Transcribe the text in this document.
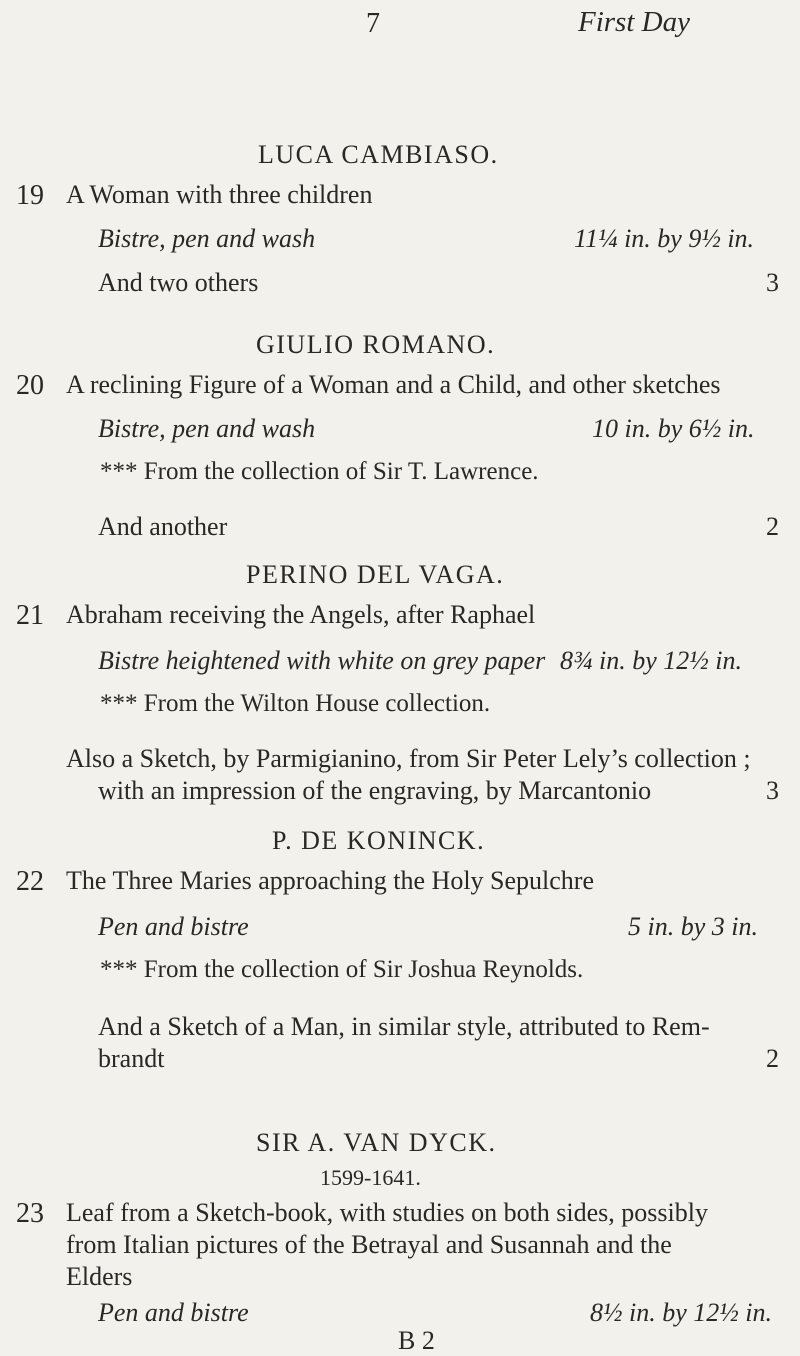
7	First Day
LUCA CAMBIASO.
19 A Woman with three children
Bistre, pen and wash	11¼ in. by 9½ in.
And two others	3
GIULIO ROMANO.
20 A reclining Figure of a Woman and a Child, and other sketches
Bistre, pen and wash	10 in. by 6½ in.
*** From the collection of Sir T. Lawrence.
And another	2
PERINO DEL VAGA.
21 Abraham receiving the Angels, after Raphael
Bistre heightened with white on grey paper 8¾ in. by 12½ in.
*** From the Wilton House collection.
Also a Sketch, by Parmigianino, from Sir Peter Lely’s collection ;
with an impression of the engraving, by Marcantonio	3
P. DE KONINCK.
22 The Three Maries approaching the Holy Sepulchre
Pen and bistre	5 in. by 3 in.
*** From the collection of Sir Joshua Reynolds.
And a Sketch of a Man, in similar style, attributed to Rem-
brandt	2
SIR A. VAN DYCK.
1599-1641.
23 Leaf from a Sketch-book, with studies on both sides, possibly
from Italian pictures of the Betrayal and Susannah and the
Elders
Pen and bistre	8½ in. by 12½ in.
B 2
